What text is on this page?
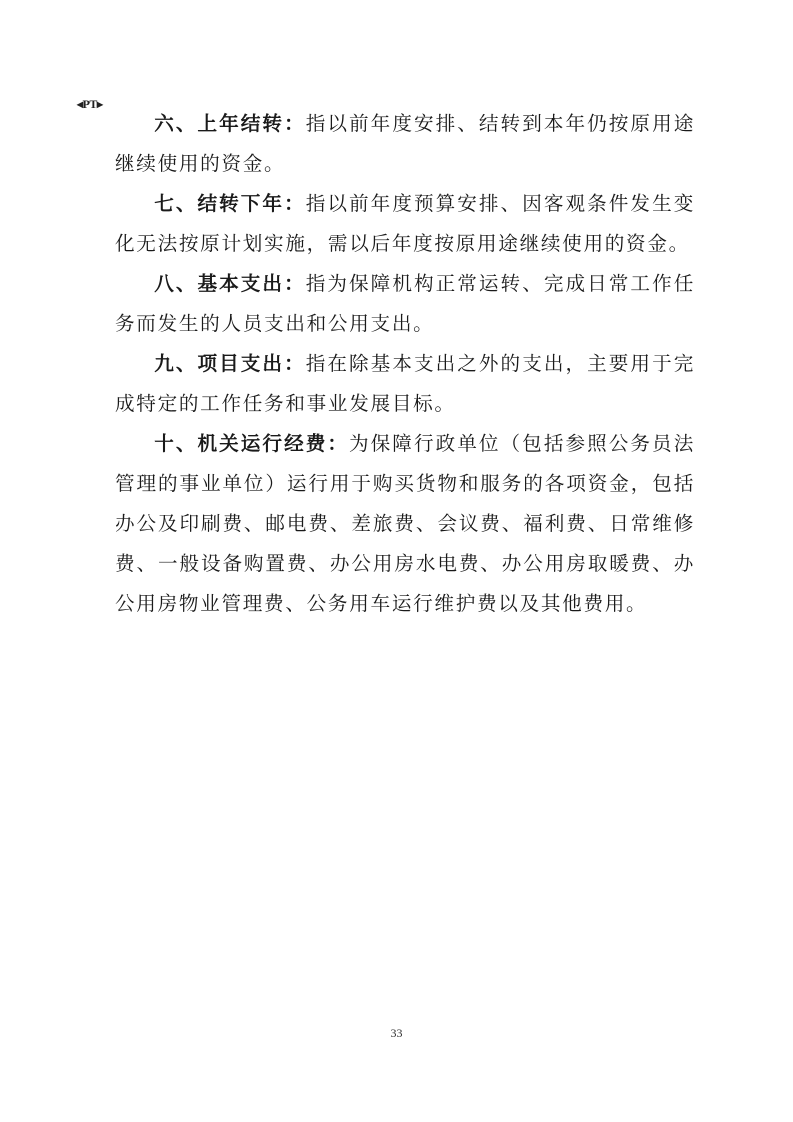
◂PT▸

六、上年结转：指以前年度安排、结转到本年仍按原用途继续使用的资金。

七、结转下年：指以前年度预算安排、因客观条件发生变化无法按原计划实施，需以后年度按原用途继续使用的资金。

八、基本支出：指为保障机构正常运转、完成日常工作任务而发生的人员支出和公用支出。

九、项目支出：指在除基本支出之外的支出，主要用于完成特定的工作任务和事业发展目标。

十、机关运行经费：为保障行政单位（包括参照公务员法管理的事业单位）运行用于购买货物和服务的各项资金，包括办公及印刷费、邮电费、差旅费、会议费、福利费、日常维修费、一般设备购置费、办公用房水电费、办公用房取暖费、办公用房物业管理费、公务用车运行维护费以及其他费用。

33
